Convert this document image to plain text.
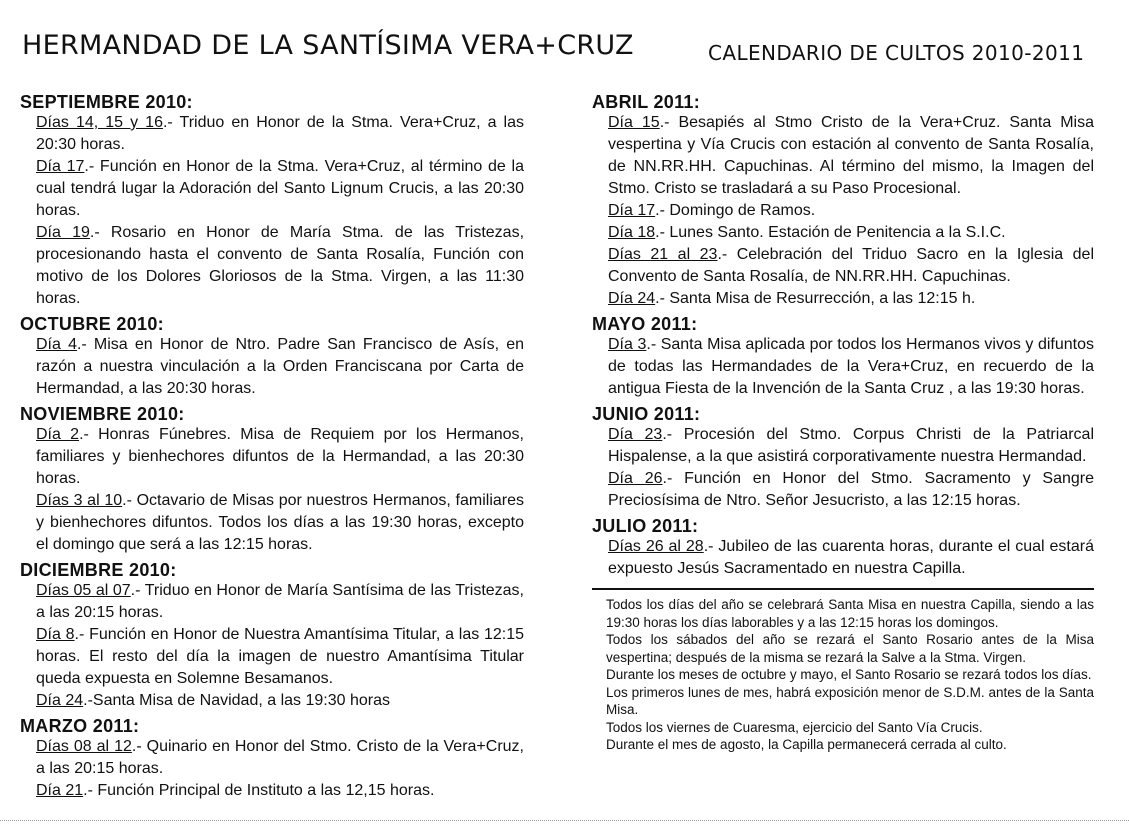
HERMANDAD DE LA SANTÍSIMA VERA+CRUZ	CALENDARIO DE CULTOS 2010-2011
SEPTIEMBRE 2010:
Días 14, 15 y 16.- Triduo en Honor de la Stma. Vera+Cruz, a las 20:30 horas.
Día 17.- Función en Honor de la Stma. Vera+Cruz, al término de la cual tendrá lugar la Adoración del Santo Lignum Crucis, a las 20:30 horas.
Día 19.- Rosario en Honor de María Stma. de las Tristezas, procesionando hasta el convento de Santa Rosalía, Función con motivo de los Dolores Gloriosos de la Stma. Virgen, a las 11:30 horas.
OCTUBRE 2010:
Día 4.- Misa en Honor de Ntro. Padre San Francisco de Asís, en razón a nuestra vinculación a la Orden Franciscana por Carta de Hermandad, a las 20:30 horas.
NOVIEMBRE 2010:
Día 2.- Honras Fúnebres. Misa de Requiem por los Hermanos, familiares y bienhechores difuntos de la Hermandad, a las 20:30 horas.
Días 3 al 10.- Octavario de Misas por nuestros Hermanos, familiares y bienhechores difuntos. Todos los días a las 19:30 horas, excepto el domingo que será a las 12:15 horas.
DICIEMBRE 2010:
Días 05 al 07.- Triduo en Honor de María Santísima de las Tristezas, a las 20:15 horas.
Día 8.- Función en Honor de Nuestra Amantísima Titular, a las 12:15 horas. El resto del día la imagen de nuestro Amantísima Titular queda expuesta en Solemne Besamanos.
Día 24.-Santa Misa de Navidad, a las 19:30 horas
MARZO 2011:
Días 08 al 12.- Quinario en Honor del Stmo. Cristo de la Vera+Cruz, a las 20:15 horas.
Día 21.- Función Principal de Instituto a las 12,15 horas.
ABRIL 2011:
Día 15.- Besapiés al Stmo Cristo de la Vera+Cruz. Santa Misa vespertina y Vía Crucis con estación al convento de Santa Rosalía, de NN.RR.HH. Capuchinas. Al término del mismo, la Imagen del Stmo. Cristo se trasladará a su Paso Procesional.
Día 17.- Domingo de Ramos.
Día 18.- Lunes Santo. Estación de Penitencia a la S.I.C.
Días 21 al 23.- Celebración del Triduo Sacro en la Iglesia del Convento de Santa Rosalía, de NN.RR.HH. Capuchinas.
Día 24.- Santa Misa de Resurrección, a las 12:15 h.
MAYO 2011:
Día 3.- Santa Misa aplicada por todos los Hermanos vivos y difuntos de todas las Hermandades de la Vera+Cruz, en recuerdo de la antigua Fiesta de la Invención de la Santa Cruz , a las 19:30 horas.
JUNIO 2011:
Día 23.- Procesión del Stmo. Corpus Christi de la Patriarcal Hispalense, a la que asistirá corporativamente nuestra Hermandad.
Día 26.- Función en Honor del Stmo. Sacramento y Sangre Preciosísima de Ntro. Señor Jesucristo, a las 12:15 horas.
JULIO 2011:
Días 26 al 28.- Jubileo de las cuarenta horas, durante el cual estará expuesto Jesús Sacramentado en nuestra Capilla.
Todos los días del año se celebrará Santa Misa en nuestra Capilla, siendo a las 19:30 horas los días laborables y a las 12:15 horas los domingos.
Todos los sábados del año se rezará el Santo Rosario antes de la Misa vespertina; después de la misma se rezará la Salve a la Stma. Virgen.
Durante los meses de octubre y mayo, el Santo Rosario se rezará todos los días.
Los primeros lunes de mes, habrá exposición menor de S.D.M. antes de la Santa Misa.
Todos los viernes de Cuaresma, ejercicio del Santo Vía Crucis.
Durante el mes de agosto, la Capilla permanecerá cerrada al culto.
